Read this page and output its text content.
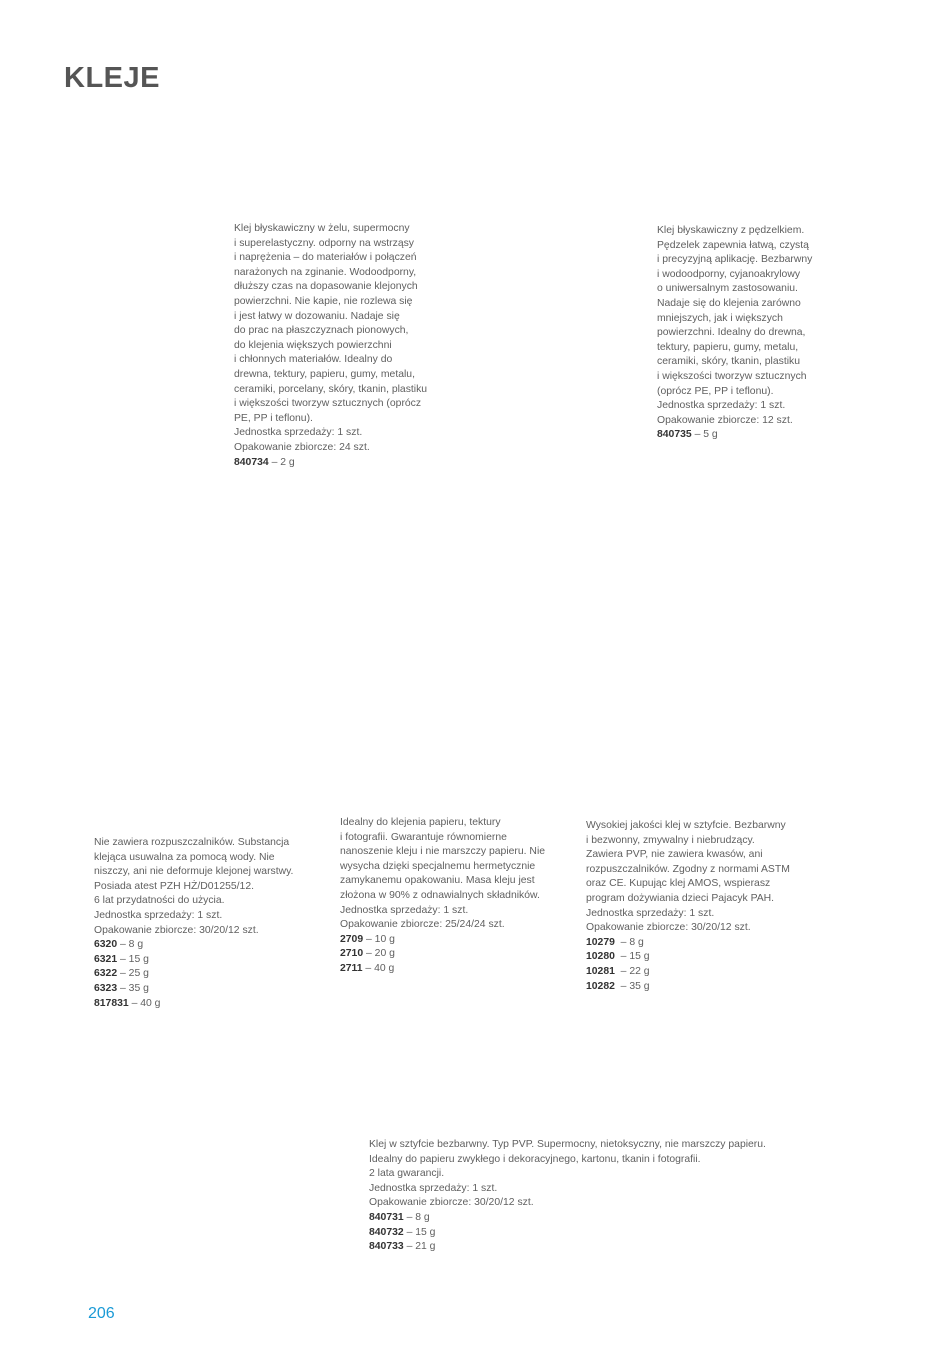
KLEJE
Klej błyskawiczny w żelu, supermocny
i superelastyczny. odporny na wstrząsy
i naprężenia – do materiałów i połączeń
narażonych na zginanie. Wodoodporny,
dłuższy czas na dopasowanie klejonych
powierzchni. Nie kapie, nie rozlewa się
i jest łatwy w dozowaniu. Nadaje się
do prac na płaszczyznach pionowych,
do klejenia większych powierzchni
i chłonnych materiałów. Idealny do
drewna, tektury, papieru, gumy, metalu,
ceramiki, porcelany, skóry, tkanin, plastiku
i większości tworzyw sztucznych (oprócz
PE, PP i teflonu).
Jednostka sprzedaży: 1 szt.
Opakowanie zbiorcze: 24 szt.
840734 – 2 g
Klej błyskawiczny z pędzelkiem.
Pędzelek zapewnia łatwą, czystą
i precyzyjną aplikację. Bezbarwny
i wodoodporny, cyjanoakrylowy
o uniwersalnym zastosowaniu.
Nadaje się do klejenia zarówno
mniejszych, jak i większych
powierzchni. Idealny do drewna,
tektury, papieru, gumy, metalu,
ceramiki, skóry, tkanin, plastiku
i większości tworzyw sztucznych
(oprócz PE, PP i teflonu).
Jednostka sprzedaży: 1 szt.
Opakowanie zbiorcze: 12 szt.
840735 – 5 g
Nie zawiera rozpuszczalników. Substancja
klejąca usuwalna za pomocą wody. Nie
niszczy, ani nie deformuje klejonej warstwy.
Posiada atest PZH HŻ/D01255/12.
6 lat przydatności do użycia.
Jednostka sprzedaży: 1 szt.
Opakowanie zbiorcze: 30/20/12 szt.
6320 – 8 g
6321 – 15 g
6322 – 25 g
6323 – 35 g
817831 – 40 g
Idealny do klejenia papieru, tektury
i fotografii. Gwarantuje równomierne
nanoszenie kleju i nie marszczy papieru. Nie
wysycha dzięki specjalnemu hermetycznie
zamykanemu opakowaniu. Masa kleju jest
złożona w 90% z odnawialnych składników.
Jednostka sprzedaży: 1 szt.
Opakowanie zbiorcze: 25/24/24 szt.
2709 – 10 g
2710 – 20 g
2711 – 40 g
Wysokiej jakości klej w sztyfcie. Bezbarwny
i bezwonny, zmywalny i niebrudzący.
Zawiera PVP, nie zawiera kwasów, ani
rozpuszczalników. Zgodny z normami ASTM
oraz CE. Kupując klej AMOS, wspierasz
program dożywiania dzieci Pajacyk PAH.
Jednostka sprzedaży: 1 szt.
Opakowanie zbiorcze: 30/20/12 szt.
10279  – 8 g
10280  – 15 g
10281  – 22 g
10282  – 35 g
Klej w sztyfcie bezbarwny. Typ PVP. Supermocny, nietoksyczny, nie marszczy papieru.
Idealny do papieru zwykłego i dekoracyjnego, kartonu, tkanin i fotografii.
2 lata gwarancji.
Jednostka sprzedaży: 1 szt.
Opakowanie zbiorcze: 30/20/12 szt.
840731 – 8 g
840732 – 15 g
840733 – 21 g
206
